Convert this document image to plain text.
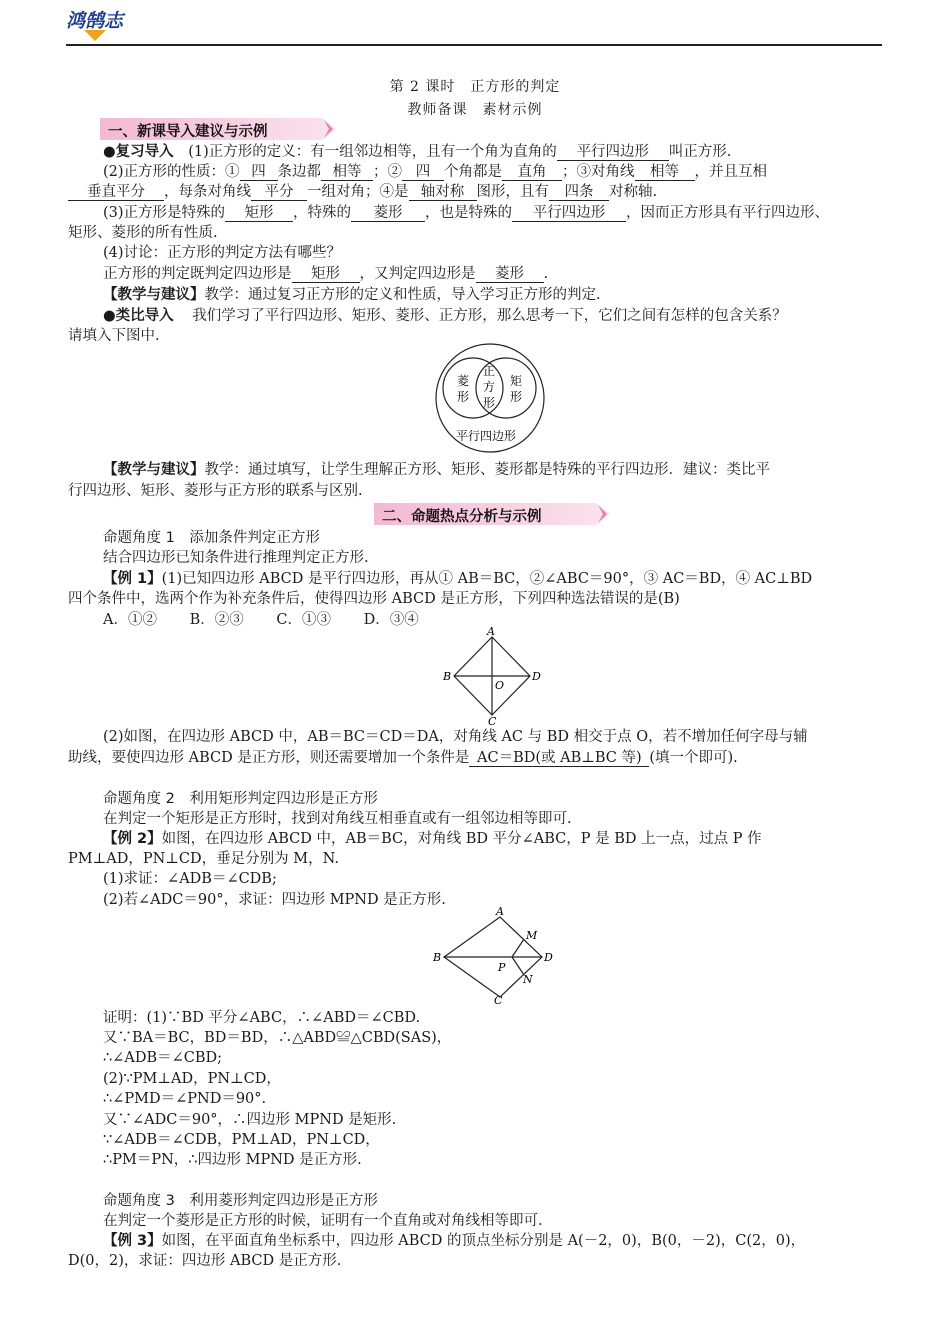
鸿鹄志
第 2 课时　正方形的判定
教师备课　素材示例
一、新课导入建议与示例
●复习导入 (1)正方形的定义：有一组邻边相等，且有一个角为直角的 平行四边形 叫正方形.
(2)正方形的性质：① 四 条边都 相等 ；② 四 个角都是 直角 ；③对角线 相等 ，并且互相
垂直平分 ，每条对角线 平分 一组对角；④是 轴对称 图形，且有 四条 对称轴.
(3)正方形是特殊的 矩形 ，特殊的 菱形 ，也是特殊的 平行四边形 ，因而正方形具有平行四边形、
矩形、菱形的所有性质.
(4)讨论：正方形的判定方法有哪些？
正方形的判定既判定四边形是 矩形 ，又判定四边形是 菱形 .
【教学与建议】教学：通过复习正方形的定义和性质，导入学习正方形的判定.
●类比导入 我们学习了平行四边形、矩形、菱形、正方形，那么思考一下，它们之间有怎样的包含关系？
请填入下图中.
菱
形
正
方
形
矩
形
平行四边形
【教学与建议】教学：通过填写，让学生理解正方形、矩形、菱形都是特殊的平行四边形．建议：类比平
行四边形、矩形、菱形与正方形的联系与区别.
二、命题热点分析与示例
命题角度 1　添加条件判定正方形
结合四边形已知条件进行推理判定正方形.
【例 1】(1)已知四边形 ABCD 是平行四边形，再从① AB＝BC，②∠ABC＝90°，③ AC＝BD，④ AC⊥BD
四个条件中，选两个作为补充条件后，使得四边形 ABCD 是正方形，下列四种选法错误的是(B)
A．①② B．②③ C．①③ D．③④
A
B	D
C
O
(2)如图，在四边形 ABCD 中，AB＝BC＝CD＝DA，对角线 AC 与 BD 相交于点 O，若不增加任何字母与辅
助线，要使四边形 ABCD 是正方形，则还需要增加一个条件是 AC＝BD(或 AB⊥BC 等) (填一个即可).
命题角度 2　利用矩形判定四边形是正方形
在判定一个矩形是正方形时，找到对角线互相垂直或有一组邻边相等即可.
【例 2】如图，在四边形 ABCD 中，AB＝BC，对角线 BD 平分∠ABC，P 是 BD 上一点，过点 P 作
PM⊥AD，PN⊥CD，垂足分别为 M，N.
(1)求证：∠ADB＝∠CDB;
(2)若∠ADC＝90°，求证：四边形 MPND 是正方形.
A
B	D
C
M
N
P
证明：(1)∵BD 平分∠ABC，∴∠ABD＝∠CBD.
又∵BA＝BC，BD＝BD，∴△ABD≌△CBD(SAS)，
∴∠ADB＝∠CBD;
(2)∵PM⊥AD，PN⊥CD，
∴∠PMD＝∠PND＝90°.
又∵∠ADC＝90°，∴四边形 MPND 是矩形.
∵∠ADB＝∠CDB，PM⊥AD，PN⊥CD，
∴PM＝PN，∴四边形 MPND 是正方形.
命题角度 3　利用菱形判定四边形是正方形
在判定一个菱形是正方形的时候，证明有一个直角或对角线相等即可.
【例 3】如图，在平面直角坐标系中，四边形 ABCD 的顶点坐标分别是 A(－2，0)，B(0，－2)，C(2，0)，
D(0，2)，求证：四边形 ABCD 是正方形.
